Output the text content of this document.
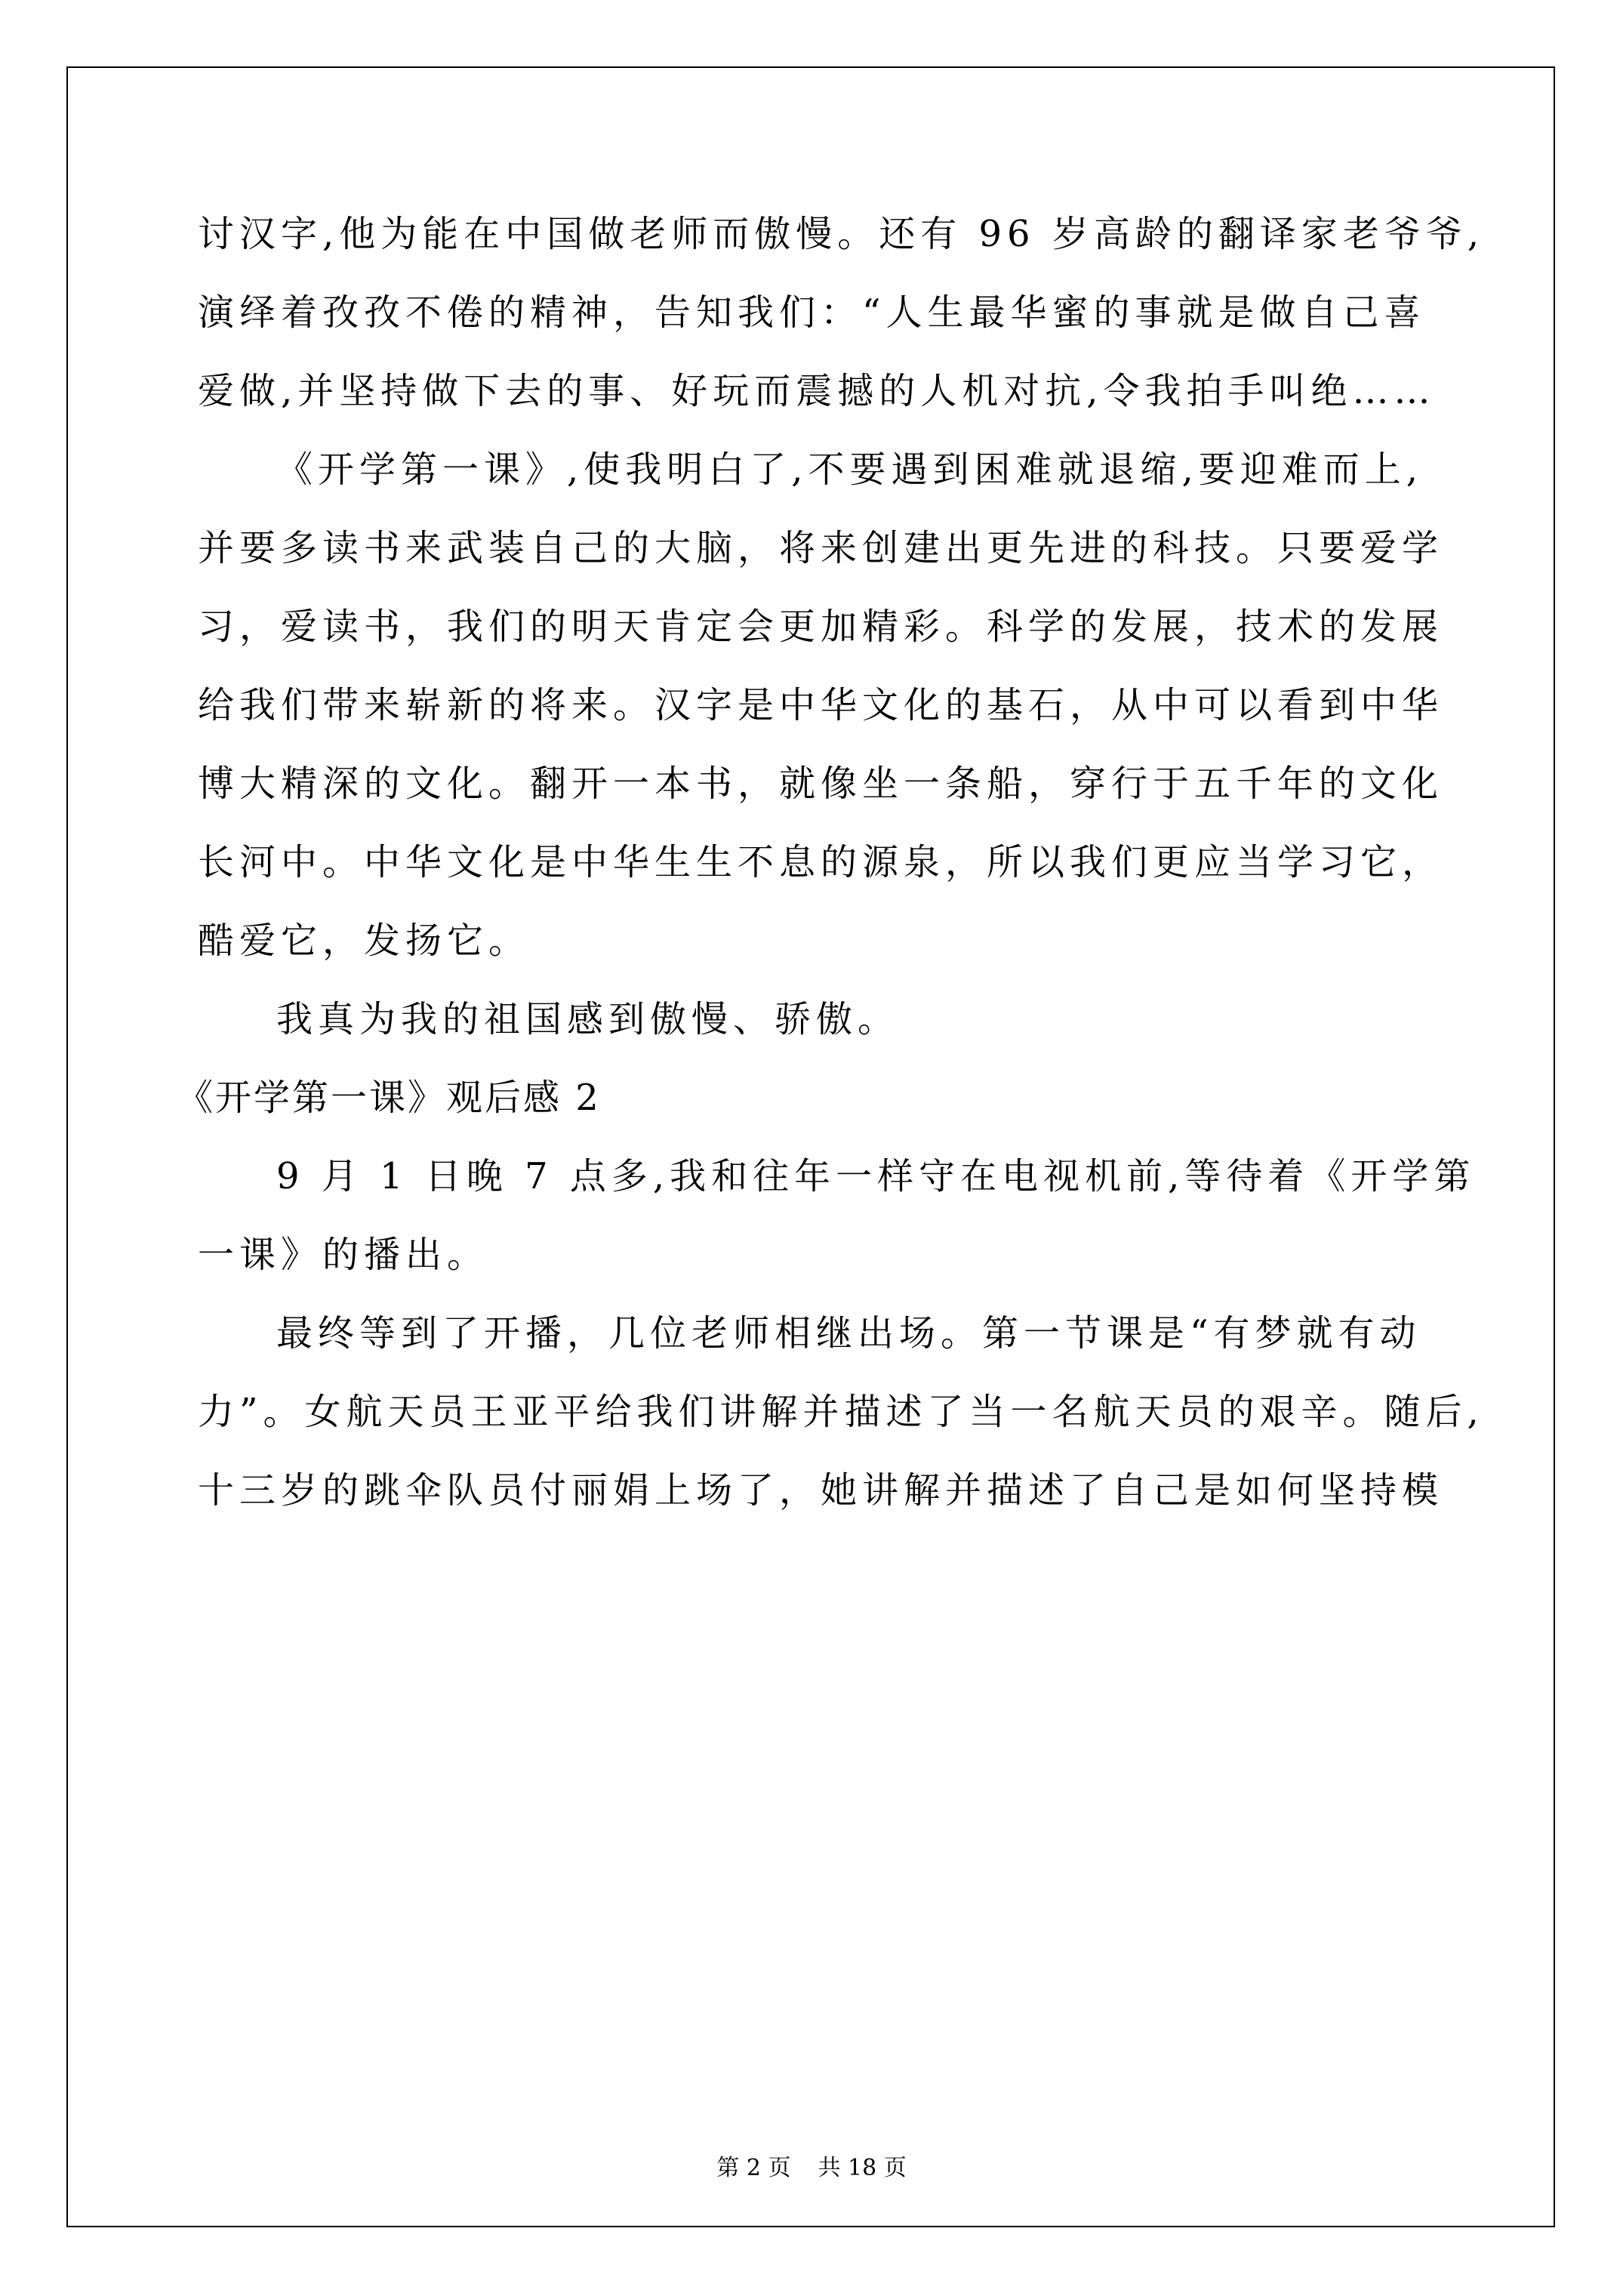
讨汉字,他为能在中国做老师而傲慢。还有 96 岁高龄的翻译家老爷爷,
演绎着孜孜不倦的精神，告知我们：“人生最华蜜的事就是做自己喜
爱做,并坚持做下去的事、好玩而震撼的人机对抗,令我拍手叫绝……
《开学第一课》,使我明白了,不要遇到困难就退缩,要迎难而上,
并要多读书来武装自己的大脑，将来创建出更先进的科技。只要爱学
习，爱读书，我们的明天肯定会更加精彩。科学的发展，技术的发展
给我们带来崭新的将来。汉字是中华文化的基石，从中可以看到中华
博大精深的文化。翻开一本书，就像坐一条船，穿行于五千年的文化
长河中。中华文化是中华生生不息的源泉，所以我们更应当学习它，
酷爱它，发扬它。
我真为我的祖国感到傲慢、骄傲。
《开学第一课》观后感 2
9 月 1 日晚 7 点多,我和往年一样守在电视机前,等待着《开学第
一课》的播出。
最终等到了开播，几位老师相继出场。第一节课是“有梦就有动
力”。女航天员王亚平给我们讲解并描述了当一名航天员的艰辛。随后,
十三岁的跳伞队员付丽娟上场了，她讲解并描述了自己是如何坚持模
第 2 页 共 18 页
